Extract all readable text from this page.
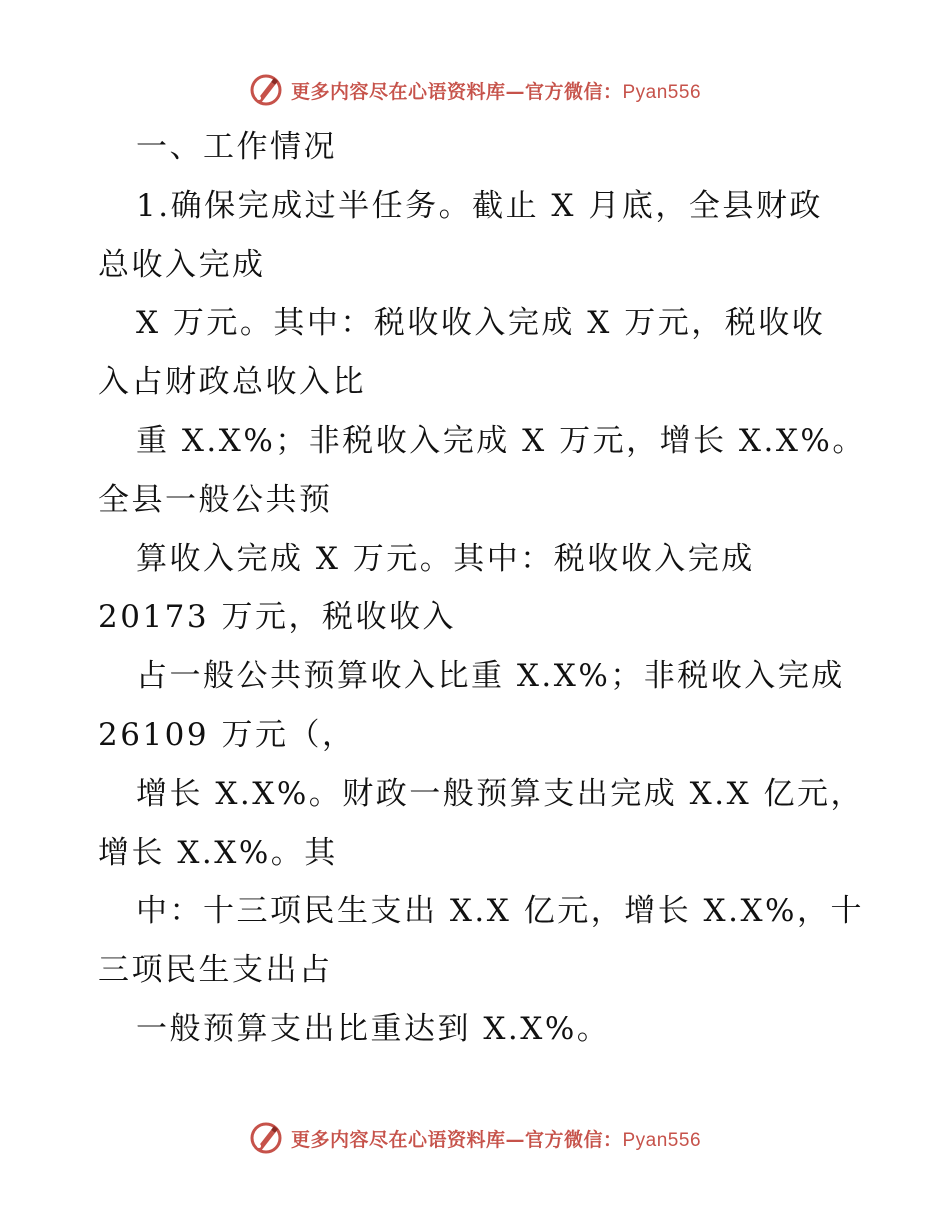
更多内容尽在心语资料库—官方微信：Pyan556
一、工作情况
1.确保完成过半任务。截止 X 月底，全县财政
总收入完成
X 万元。其中：税收收入完成 X 万元，税收收
入占财政总收入比
重 X.X%；非税收入完成 X 万元，增长 X.X%。
全县一般公共预
算收入完成 X 万元。其中：税收收入完成
20173 万元，税收收入
占一般公共预算收入比重 X.X%；非税收入完成
26109 万元（，
增长 X.X%。财政一般预算支出完成 X.X 亿元，
增长 X.X%。其
中：十三项民生支出 X.X 亿元，增长 X.X%，十
三项民生支出占
一般预算支出比重达到 X.X%。
更多内容尽在心语资料库—官方微信：Pyan556
